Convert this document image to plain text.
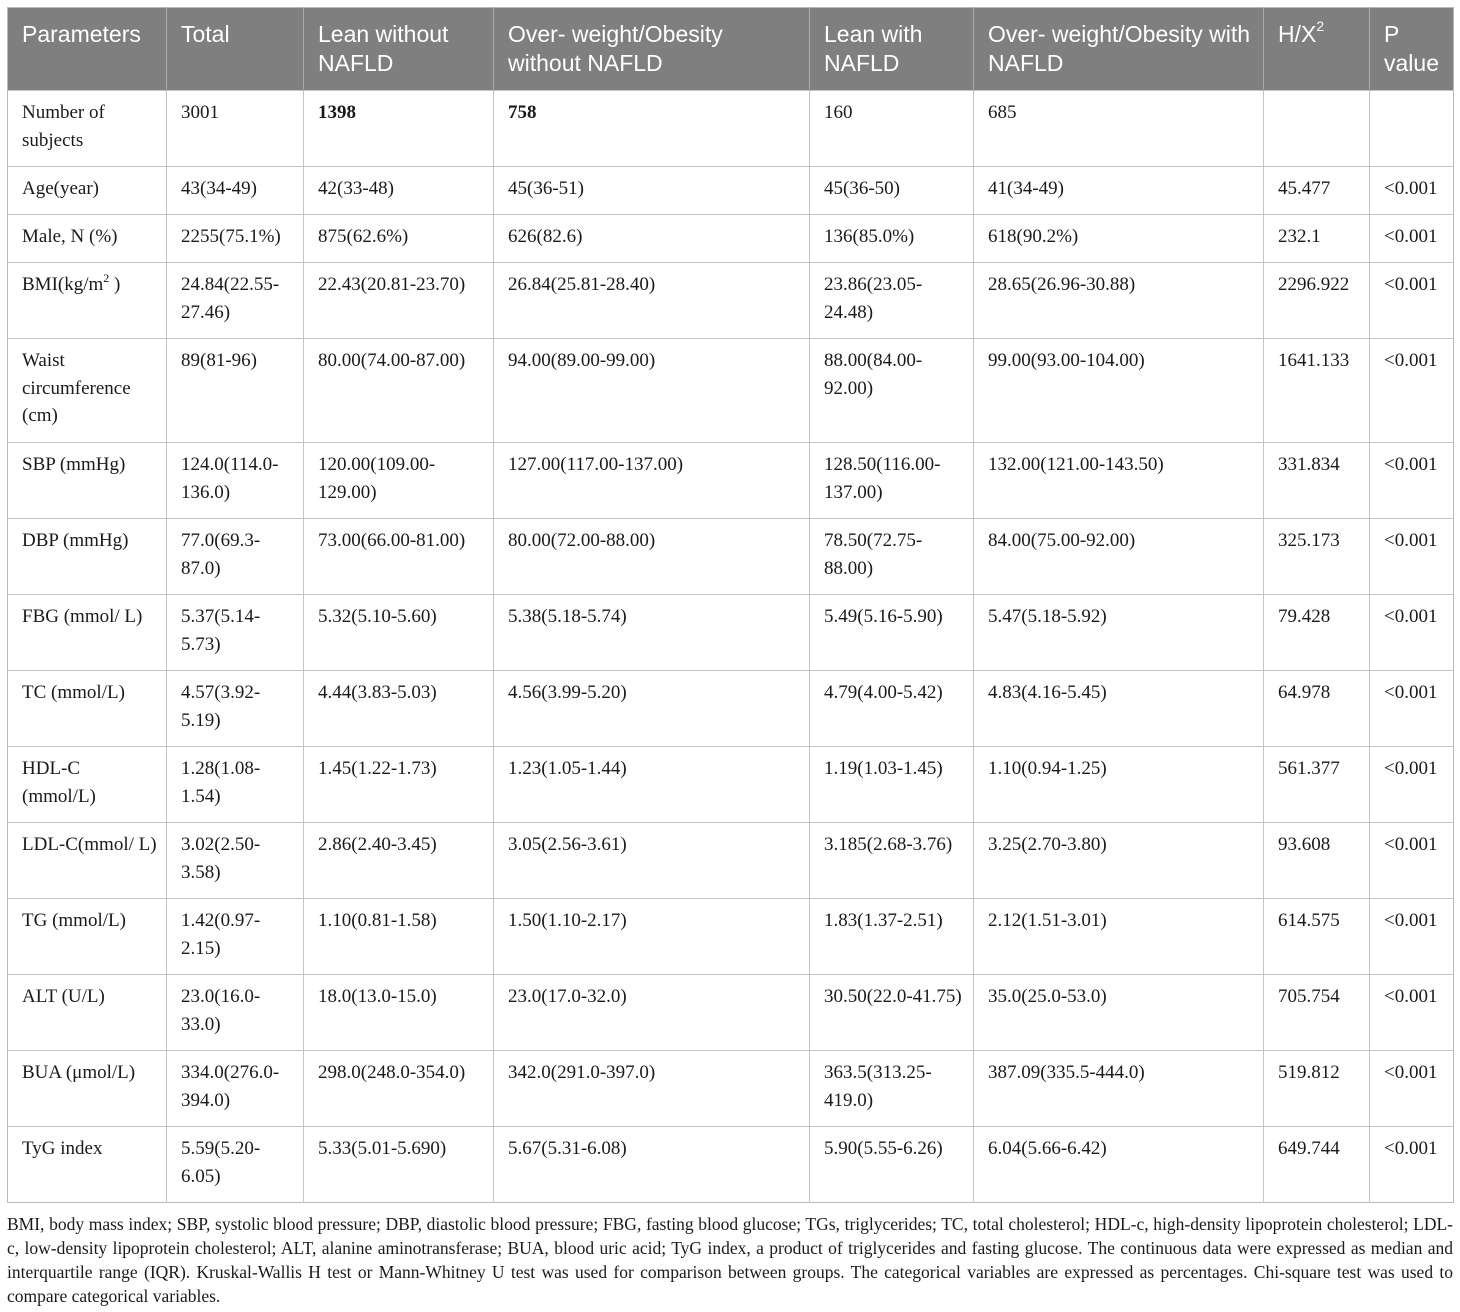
Parameters	Total	Lean without NAFLD	Over- weight/Obesity without NAFLD	Lean with NAFLD	Over- weight/Obesity with NAFLD	$H/X^2$	P value
Number of subjects	3001	1398	758	160	685		
Age(year)	43(34-49)	42(33-48)	45(36-51)	45(36-50)	41(34-49)	45.477	<0.001
Male, N (%)	2255(75.1%)	875(62.6%)	626(82.6)	136(85.0%)	618(90.2%)	232.1	<0.001
$BMI(kg/m^2$ )	24.84(22.55-27.46)	22.43(20.81-23.70)	26.84(25.81-28.40)	23.86(23.05-24.48)	28.65(26.96-30.88)	2296.922	<0.001
Waist circumference (cm)	89(81-96)	80.00(74.00-87.00)	94.00(89.00-99.00)	88.00(84.00-92.00)	99.00(93.00-104.00)	1641.133	<0.001
SBP (mmHg)	124.0(114.0-136.0)	120.00(109.00-129.00)	127.00(117.00-137.00)	128.50(116.00-137.00)	132.00(121.00-143.50)	331.834	<0.001
DBP (mmHg)	77.0(69.3-87.0)	73.00(66.00-81.00)	80.00(72.00-88.00)	78.50(72.75-88.00)	84.00(75.00-92.00)	325.173	<0.001
FBG (mmol/ L)	5.37(5.14-5.73)	5.32(5.10-5.60)	5.38(5.18-5.74)	5.49(5.16-5.90)	5.47(5.18-5.92)	79.428	<0.001
TC (mmol/L)	4.57(3.92-5.19)	4.44(3.83-5.03)	4.56(3.99-5.20)	4.79(4.00-5.42)	4.83(4.16-5.45)	64.978	<0.001
HDL-C (mmol/L)	1.28(1.08-1.54)	1.45(1.22-1.73)	1.23(1.05-1.44)	1.19(1.03-1.45)	1.10(0.94-1.25)	561.377	<0.001
LDL-C(mmol/ L)	3.02(2.50-3.58)	2.86(2.40-3.45)	3.05(2.56-3.61)	3.185(2.68-3.76)	3.25(2.70-3.80)	93.608	<0.001
TG (mmol/L)	1.42(0.97-2.15)	1.10(0.81-1.58)	1.50(1.10-2.17)	1.83(1.37-2.51)	2.12(1.51-3.01)	614.575	<0.001
ALT (U/L)	23.0(16.0-33.0)	18.0(13.0-15.0)	23.0(17.0-32.0)	30.50(22.0-41.75)	35.0(25.0-53.0)	705.754	<0.001
BUA (μmol/L)	334.0(276.0-394.0)	298.0(248.0-354.0)	342.0(291.0-397.0)	363.5(313.25-419.0)	387.09(335.5-444.0)	519.812	<0.001
TyG index	5.59(5.20-6.05)	5.33(5.01-5.690)	5.67(5.31-6.08)	5.90(5.55-6.26)	6.04(5.66-6.42)	649.744	<0.001

BMI, body mass index; SBP, systolic blood pressure; DBP, diastolic blood pressure; FBG, fasting blood glucose; TGs, triglycerides; TC, total cholesterol; HDL-c, high-density lipoprotein cholesterol; LDL-c, low-density lipoprotein cholesterol; ALT, alanine aminotransferase; BUA, blood uric acid; TyG index, a product of triglycerides and fasting glucose. The continuous data were expressed as median and interquartile range (IQR). Kruskal-Wallis H test or Mann-Whitney U test was used for comparison between groups. The categorical variables are expressed as percentages. Chi-square test was used to compare categorical variables.
